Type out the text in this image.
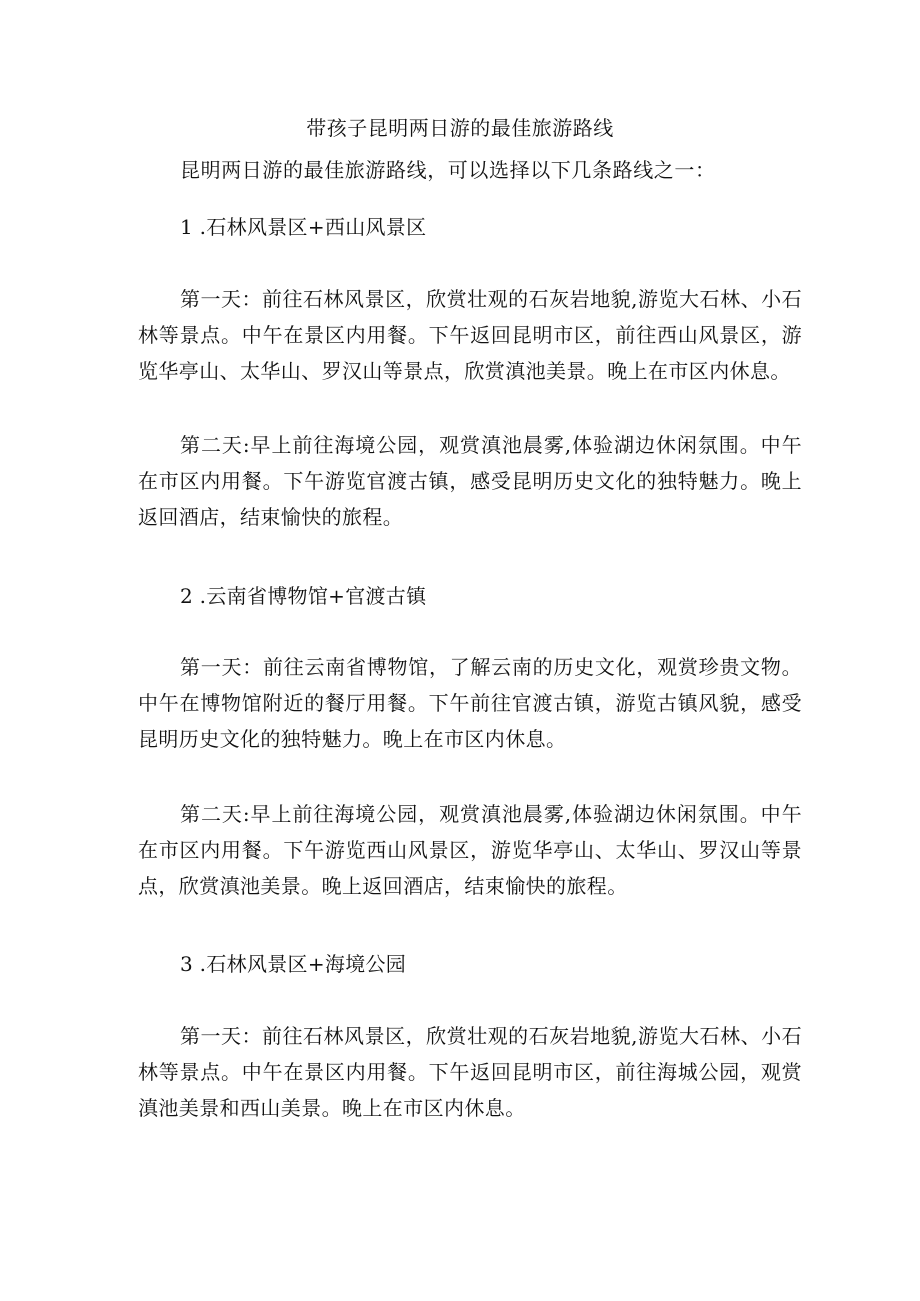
带孩子昆明两日游的最佳旅游路线
昆明两日游的最佳旅游路线，可以选择以下几条路线之一：
1 .石林风景区+西山风景区
第一天：前往石林风景区，欣赏壮观的石灰岩地貌,游览大石林、小石林等景点。中午在景区内用餐。下午返回昆明市区，前往西山风景区，游览华亭山、太华山、罗汉山等景点，欣赏滇池美景。晚上在市区内休息。
第二天:早上前往海境公园，观赏滇池晨雾,体验湖边休闲氛围。中午在市区内用餐。下午游览官渡古镇，感受昆明历史文化的独特魅力。晚上返回酒店，结束愉快的旅程。
2 .云南省博物馆+官渡古镇
第一天：前往云南省博物馆，了解云南的历史文化，观赏珍贵文物。中午在博物馆附近的餐厅用餐。下午前往官渡古镇，游览古镇风貌，感受昆明历史文化的独特魅力。晚上在市区内休息。
第二天:早上前往海境公园，观赏滇池晨雾,体验湖边休闲氛围。中午在市区内用餐。下午游览西山风景区，游览华亭山、太华山、罗汉山等景点，欣赏滇池美景。晚上返回酒店，结束愉快的旅程。
3 .石林风景区+海境公园
第一天：前往石林风景区，欣赏壮观的石灰岩地貌,游览大石林、小石林等景点。中午在景区内用餐。下午返回昆明市区，前往海城公园，观赏滇池美景和西山美景。晚上在市区内休息。
